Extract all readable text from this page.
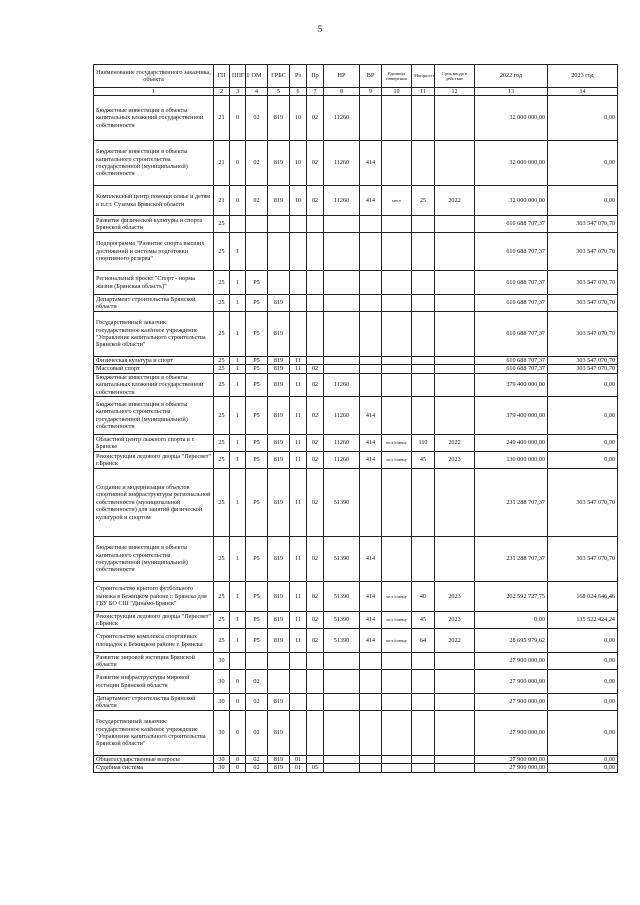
5
Наименование государственного заказчика, объекта	ГП	ППГП	ОМ	ГРБС	Рз	Пр	НР	ВР	Единица измерения	Мощность	Срок ввода в действие	2022 год	2023 год
1	2	3	4	5	6	7	8	9	10	11	12	13	14
Бюджетные инвестиции в объекты капитальных вложений государственной собственности	21	0	02	819	10	02	11260					32 000 000,00	0,00
Бюджетные инвестиции в объекты капитального строительства государственной (муниципальной) собственности	21	0	02	819	10	02	11260	414				32 000 000,00	0,00
Комплексный центр помощи семье и детям в п.г.т. Суземка Брянской области	21	0	02	819	10	02	11260	414	мест	25	2022	32 000 000,00	0,00
Развитие физической культуры и спорта Брянской области	25											610 688 707,37	303 547 070,70
Подпрограмма "Развитие спорта высших достижений и системы подготовки спортивного резерва"	25	1										610 688 707,37	303 547 070,70
Региональный проект "Спорт - норма жизни (Брянская область)"	25	1	P5									610 688 707,37	303 547 070,70
Департамент строительства Брянской области	25	1	P5	819								610 688 707,37	303 547 070,70
Государственный заказчик: государственное казённое учреждение "Управление капитального строительства Брянской области"	25	1	P5	819								610 688 707,37	303 547 070,70
Физическая культура и спорт	25	1	P5	819	11							610 688 707,37	303 547 070,70
Массовый спорт	25	1	P5	819	11	02						610 688 707,37	303 547 070,70
Бюджетные инвестиции в объекты капитальных вложений государственной собственности	25	1	P5	819	11	02	11260					379 400 000,00	0,00
Бюджетные инвестиции в объекты капитального строительства государственной (муниципальной) собственности	25	1	P5	819	11	02	11260	414				379 400 000,00	0,00
Областной центр лыжного спорта в г. Брянске	25	1	P5	819	11	02	11260	414	чел./смену	110	2022	249 400 000,00	0,00
Реконструкция ледового дворца "Пересвет" г.Брянск	25	1	P5	819	11	02	11260	414	чел./смену	45	2023	130 000 000,00	0,00
Создание и модернизация объектов спортивной инфраструктуры региональной собственности (муниципальной собственности) для занятий физической культурой и спортом	25	1	P5	819	11	02	51390					231 288 707,37	303 547 070,70
Бюджетные инвестиции в объекты капитального строительства государственной (муниципальной) собственности	25	1	P5	819	11	02	51390	414				231 288 707,37	303 547 070,70
Строительство крытого футбольного манежа в Бежицком районе г. Брянска для ГБУ БО СШ "Динамо-Брянск"	25	1	P5	819	11	02	51390	414	чел./смену	40	2023	202 592 727,75	168 024 646,46
Реконструкция ледового дворца "Пересвет" г.Брянск	25	1	P5	819	11	02	51390	414	чел./смену	45	2023	0,00	135 522 424,24
Строительство комплекса спортивных площадок в Бежицком районе г. Брянска	25	1	P5	819	11	02	51390	414	чел./смену	64	2022	28 695 979,62	0,00
Развитие мировой юстиции Брянской области	30											27 900 000,00	0,00
Развитие инфраструктуры мировой юстиции Брянской области	30	0	02									27 900 000,00	0,00
Департамент строительства Брянской области	30	0	02	819								27 900 000,00	0,00
Государственный заказчик: государственное казённое учреждение "Управление капитального строительства Брянской области"	30	0	02	819								27 900 000,00	0,00
Общегосударственные вопросы	30	0	02	819	01							27 900 000,00	0,00
Судебная система	30	0	02	819	01	05						27 900 000,00	0,00
